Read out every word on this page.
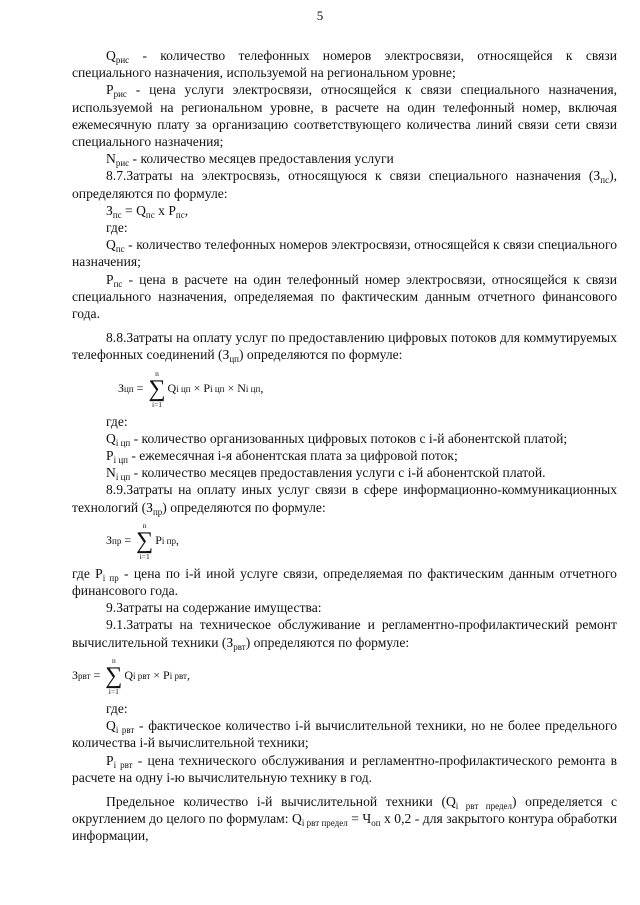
5

$Q_{рис}$ - количество телефонных номеров электросвязи, относящейся к связи специального назначения, используемой на региональном уровне;

$Р_{рис}$ - цена услуги электросвязи, относящейся к связи специального назначения, используемой на региональном уровне, в расчете на один телефонный номер, включая ежемесячную плату за организацию соответствующего количества линий связи сети связи специального назначения;

$N_{рис}$ - количество месяцев предоставления услуги

8.7.Затраты на электросвязь, относящуюся к связи специального назначения $(З_{пс})$, определяются по формуле:

$З_{пс} = Q_{пс}$ х $Р_{пс}$,

где:

$Q_{пс}$ - количество телефонных номеров электросвязи, относящейся к связи специального назначения;

$Р_{пс}$ - цена в расчете на один телефонный номер электросвязи, относящейся к связи специального назначения, определяемая по фактическим данным отчетного финансового года.

8.8.Затраты на оплату услуг по предоставлению цифровых потоков для коммутируемых телефонных соединений $(З_{цп})$ определяются по формуле:

З цп =
n
∑
i=1
Q i цп
×
P i цп
×
N i цп ,

где:

$Q_{i цп}$ - количество организованных цифровых потоков с i-й абонентской платой;

$Р_{i цп}$ - ежемесячная i-я абонентская плата за цифровой поток;

$N_{i цп}$ - количество месяцев предоставления услуги с i-й абонентской платой.

8.9.Затраты на оплату иных услуг связи в сфере информационно-коммуникационных технологий $(З_{пр})$ определяются по формуле:

З пр =
n
∑
i=1
P i пр ,

где $Р_{i пр}$ - цена по i-й иной услуге связи, определяемая по фактическим данным отчетного финансового года.

9.Затраты на содержание имущества:

9.1.Затраты на техническое обслуживание и регламентно-профилактический ремонт вычислительной техники $(З_{рвт})$ определяются по формуле:

З рвт =
n
∑
i=1
Q i рвт
×
P i рвт ,

где:

$Q_{i рвт}$ - фактическое количество i-й вычислительной техники, но не более предельного количества i-й вычислительной техники;

$Р_{i рвт}$ - цена технического обслуживания и регламентно-профилактического ремонта в расчете на одну i-ю вычислительную технику в год.

Предельное количество i-й вычислительной техники $(Q_{i рвт предел})$ определяется с округлением до целого по формулам: $Q_{i рвт предел} = Ч_{оп}$ х 0,2 - для закрытого контура обработки информации,
